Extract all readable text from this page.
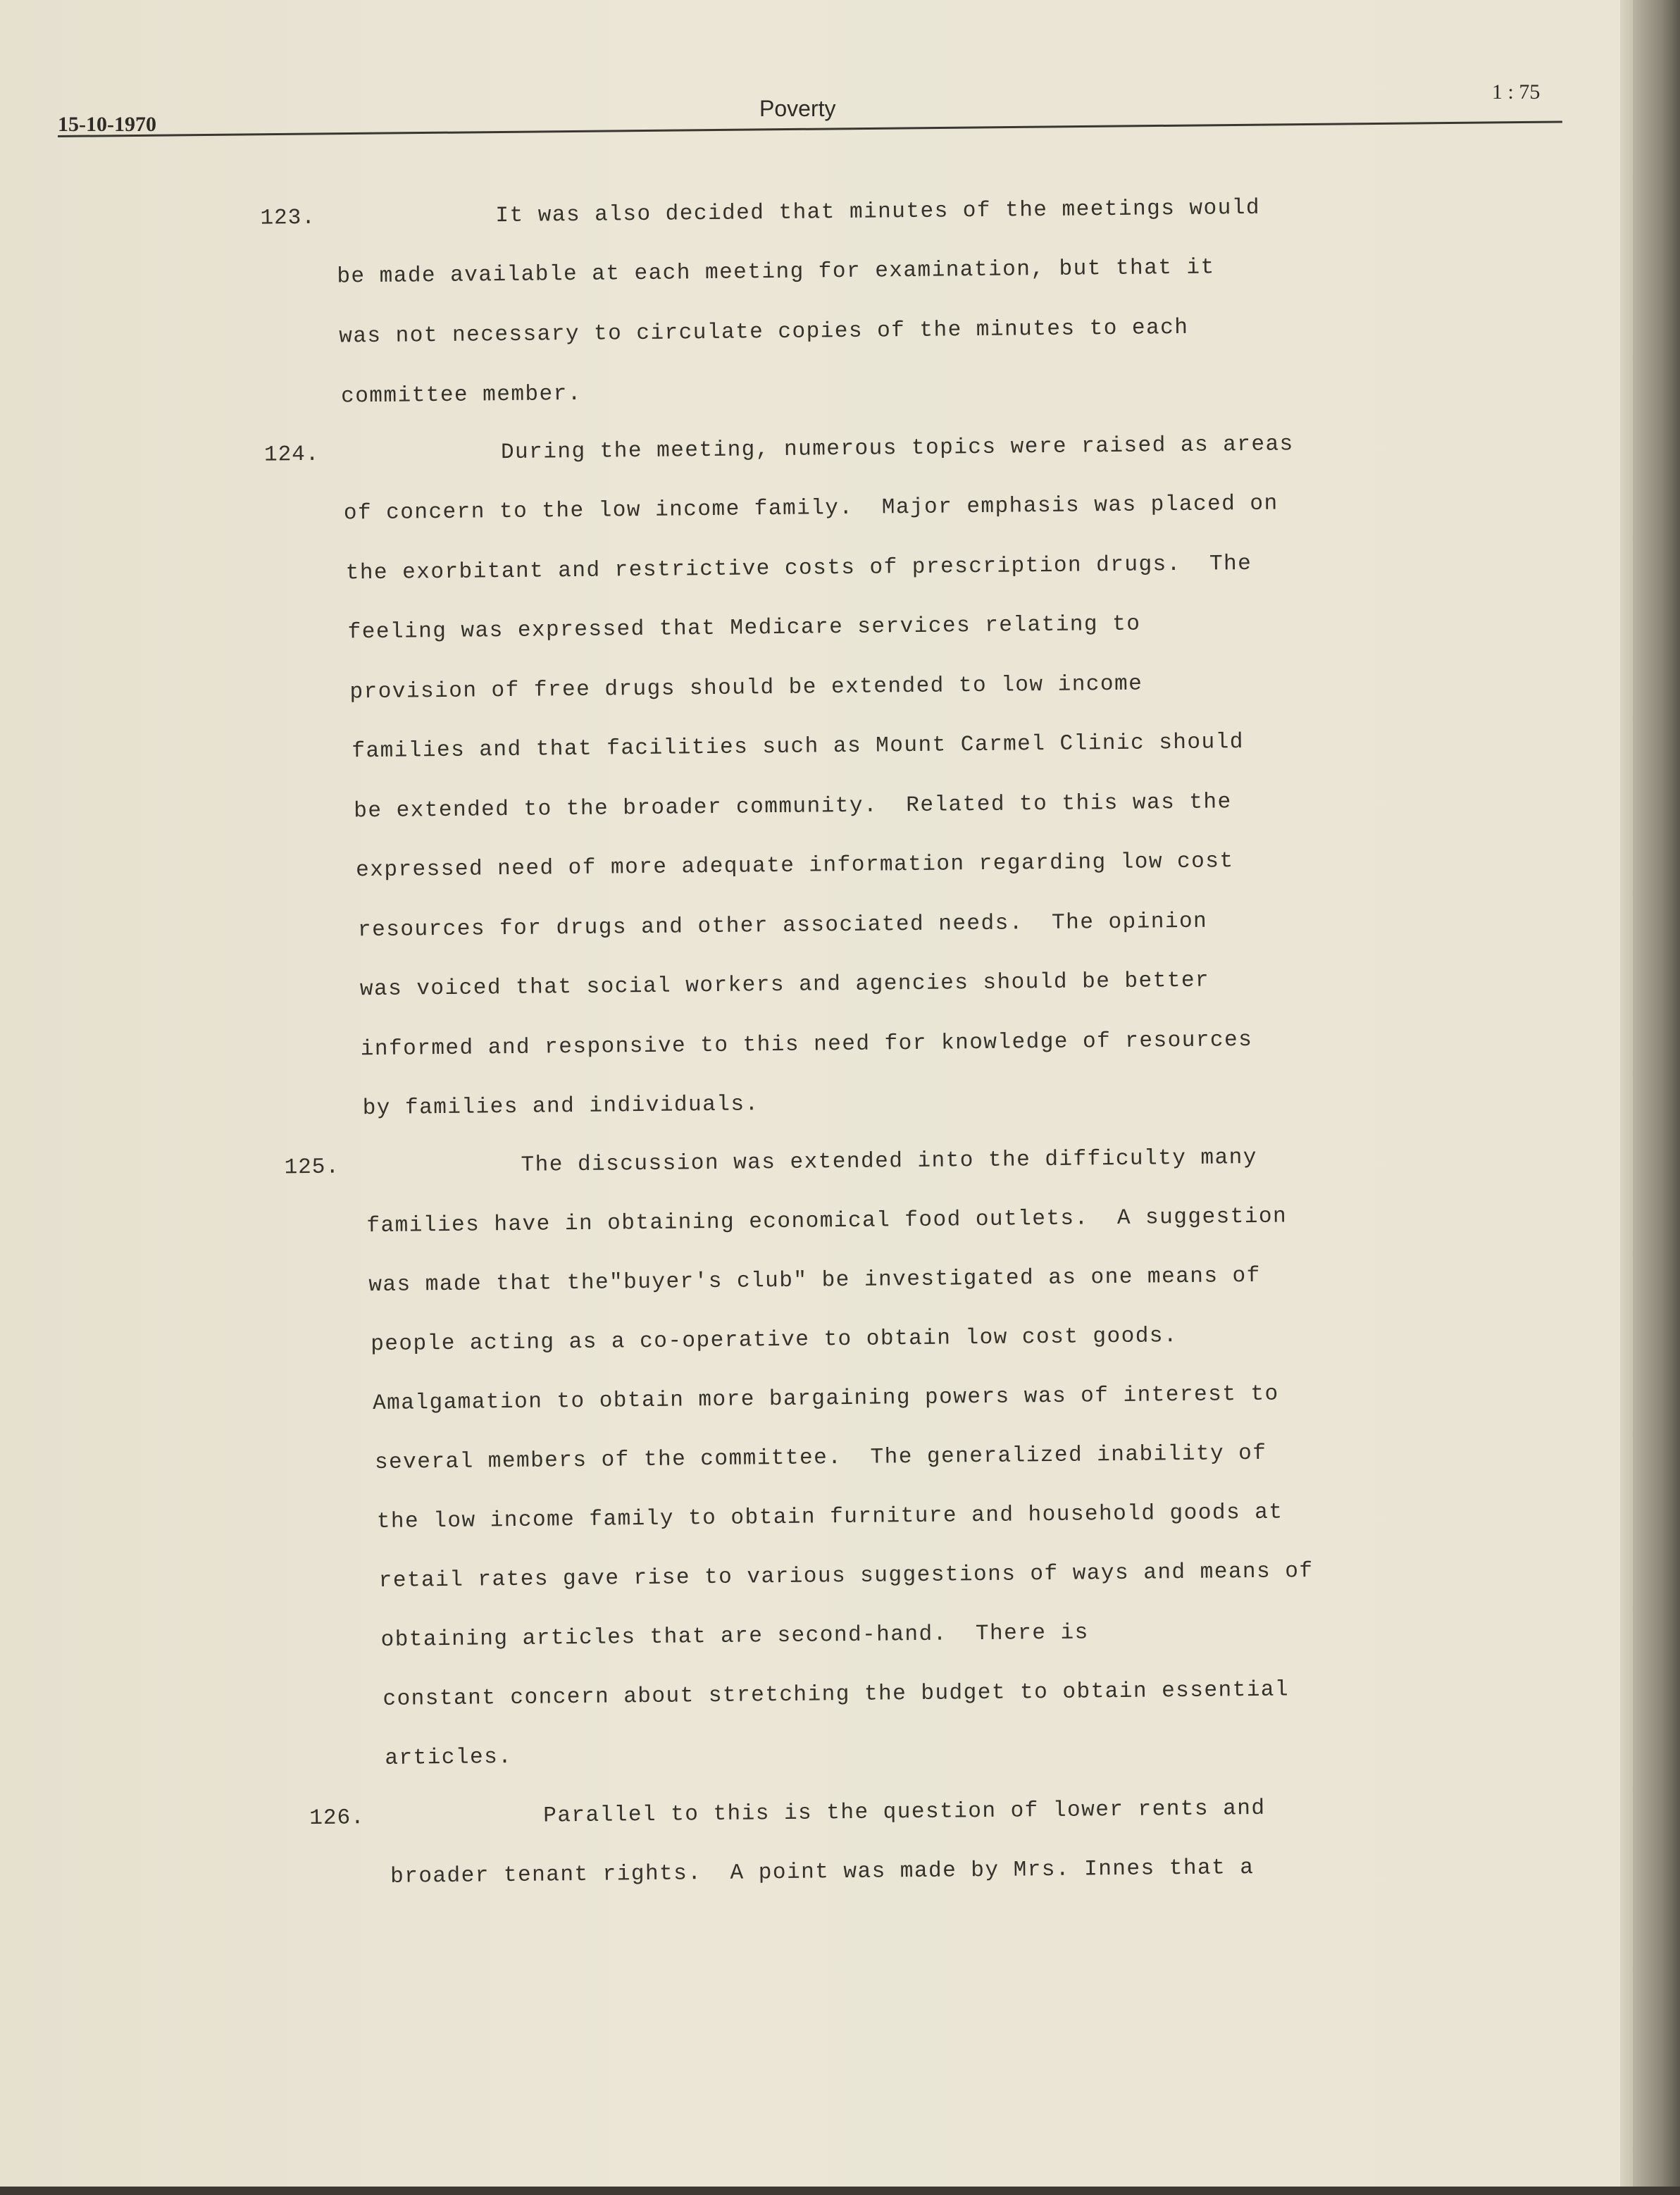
15-10-1970
Poverty
1 : 75
123.	It was also decided that minutes of the meetings would
be made available at each meeting for examination, but that it
was not necessary to circulate copies of the minutes to each
committee member.
124.	During the meeting, numerous topics were raised as areas
of concern to the low income family.  Major emphasis was placed on
the exorbitant and restrictive costs of prescription drugs.  The
feeling was expressed that Medicare services relating to
provision of free drugs should be extended to low income
families and that facilities such as Mount Carmel Clinic should
be extended to the broader community.  Related to this was the
expressed need of more adequate information regarding low cost
resources for drugs and other associated needs.  The opinion
was voiced that social workers and agencies should be better
informed and responsive to this need for knowledge of resources
by families and individuals.
125.	The discussion was extended into the difficulty many
families have in obtaining economical food outlets.  A suggestion
was made that the"buyer's club" be investigated as one means of
people acting as a co-operative to obtain low cost goods.
Amalgamation to obtain more bargaining powers was of interest to
several members of the committee.  The generalized inability of
the low income family to obtain furniture and household goods at
retail rates gave rise to various suggestions of ways and means of
obtaining articles that are second-hand.  There is
constant concern about stretching the budget to obtain essential
articles.
126.	Parallel to this is the question of lower rents and
broader tenant rights.  A point was made by Mrs. Innes that a
